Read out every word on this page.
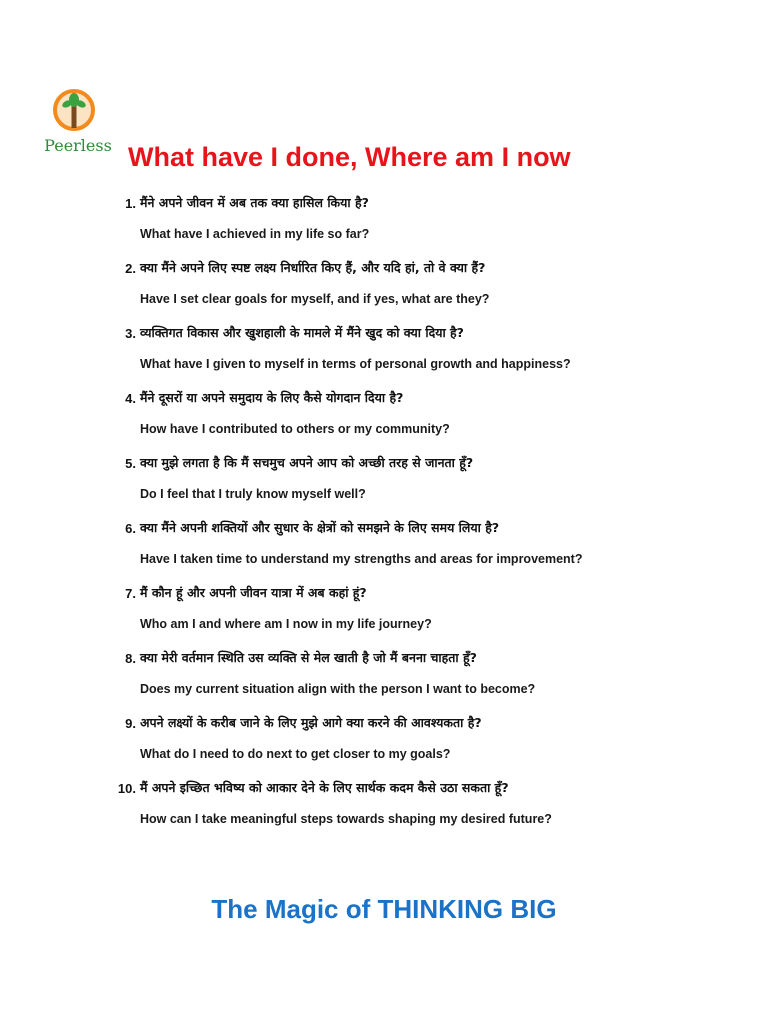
Peerless What have I done, Where am I now
1. मैंने अपने जीवन में अब तक क्या हासिल किया है?
What have I achieved in my life so far?
2. क्या मैंने अपने लिए स्पष्ट लक्ष्य निर्धारित किए हैं, और यदि हां, तो वे क्या हैं?
Have I set clear goals for myself, and if yes, what are they?
3. व्यक्तिगत विकास और खुशहाली के मामले में मैंने खुद को क्या दिया है?
What have I given to myself in terms of personal growth and happiness?
4. मैंने दूसरों या अपने समुदाय के लिए कैसे योगदान दिया है?
How have I contributed to others or my community?
5. क्या मुझे लगता है कि मैं सचमुच अपने आप को अच्छी तरह से जानता हूँ?
Do I feel that I truly know myself well?
6. क्या मैंने अपनी शक्तियों और सुधार के क्षेत्रों को समझने के लिए समय लिया है?
Have I taken time to understand my strengths and areas for improvement?
7. मैं कौन हूं और अपनी जीवन यात्रा में अब कहां हूं?
Who am I and where am I now in my life journey?
8. क्या मेरी वर्तमान स्थिति उस व्यक्ति से मेल खाती है जो मैं बनना चाहता हूँ?
Does my current situation align with the person I want to become?
9. अपने लक्ष्यों के करीब जाने के लिए मुझे आगे क्या करने की आवश्यकता है?
What do I need to do next to get closer to my goals?
10. मैं अपने इच्छित भविष्य को आकार देने के लिए सार्थक कदम कैसे उठा सकता हूँ?
How can I take meaningful steps towards shaping my desired future?
The Magic of THINKING BIG
